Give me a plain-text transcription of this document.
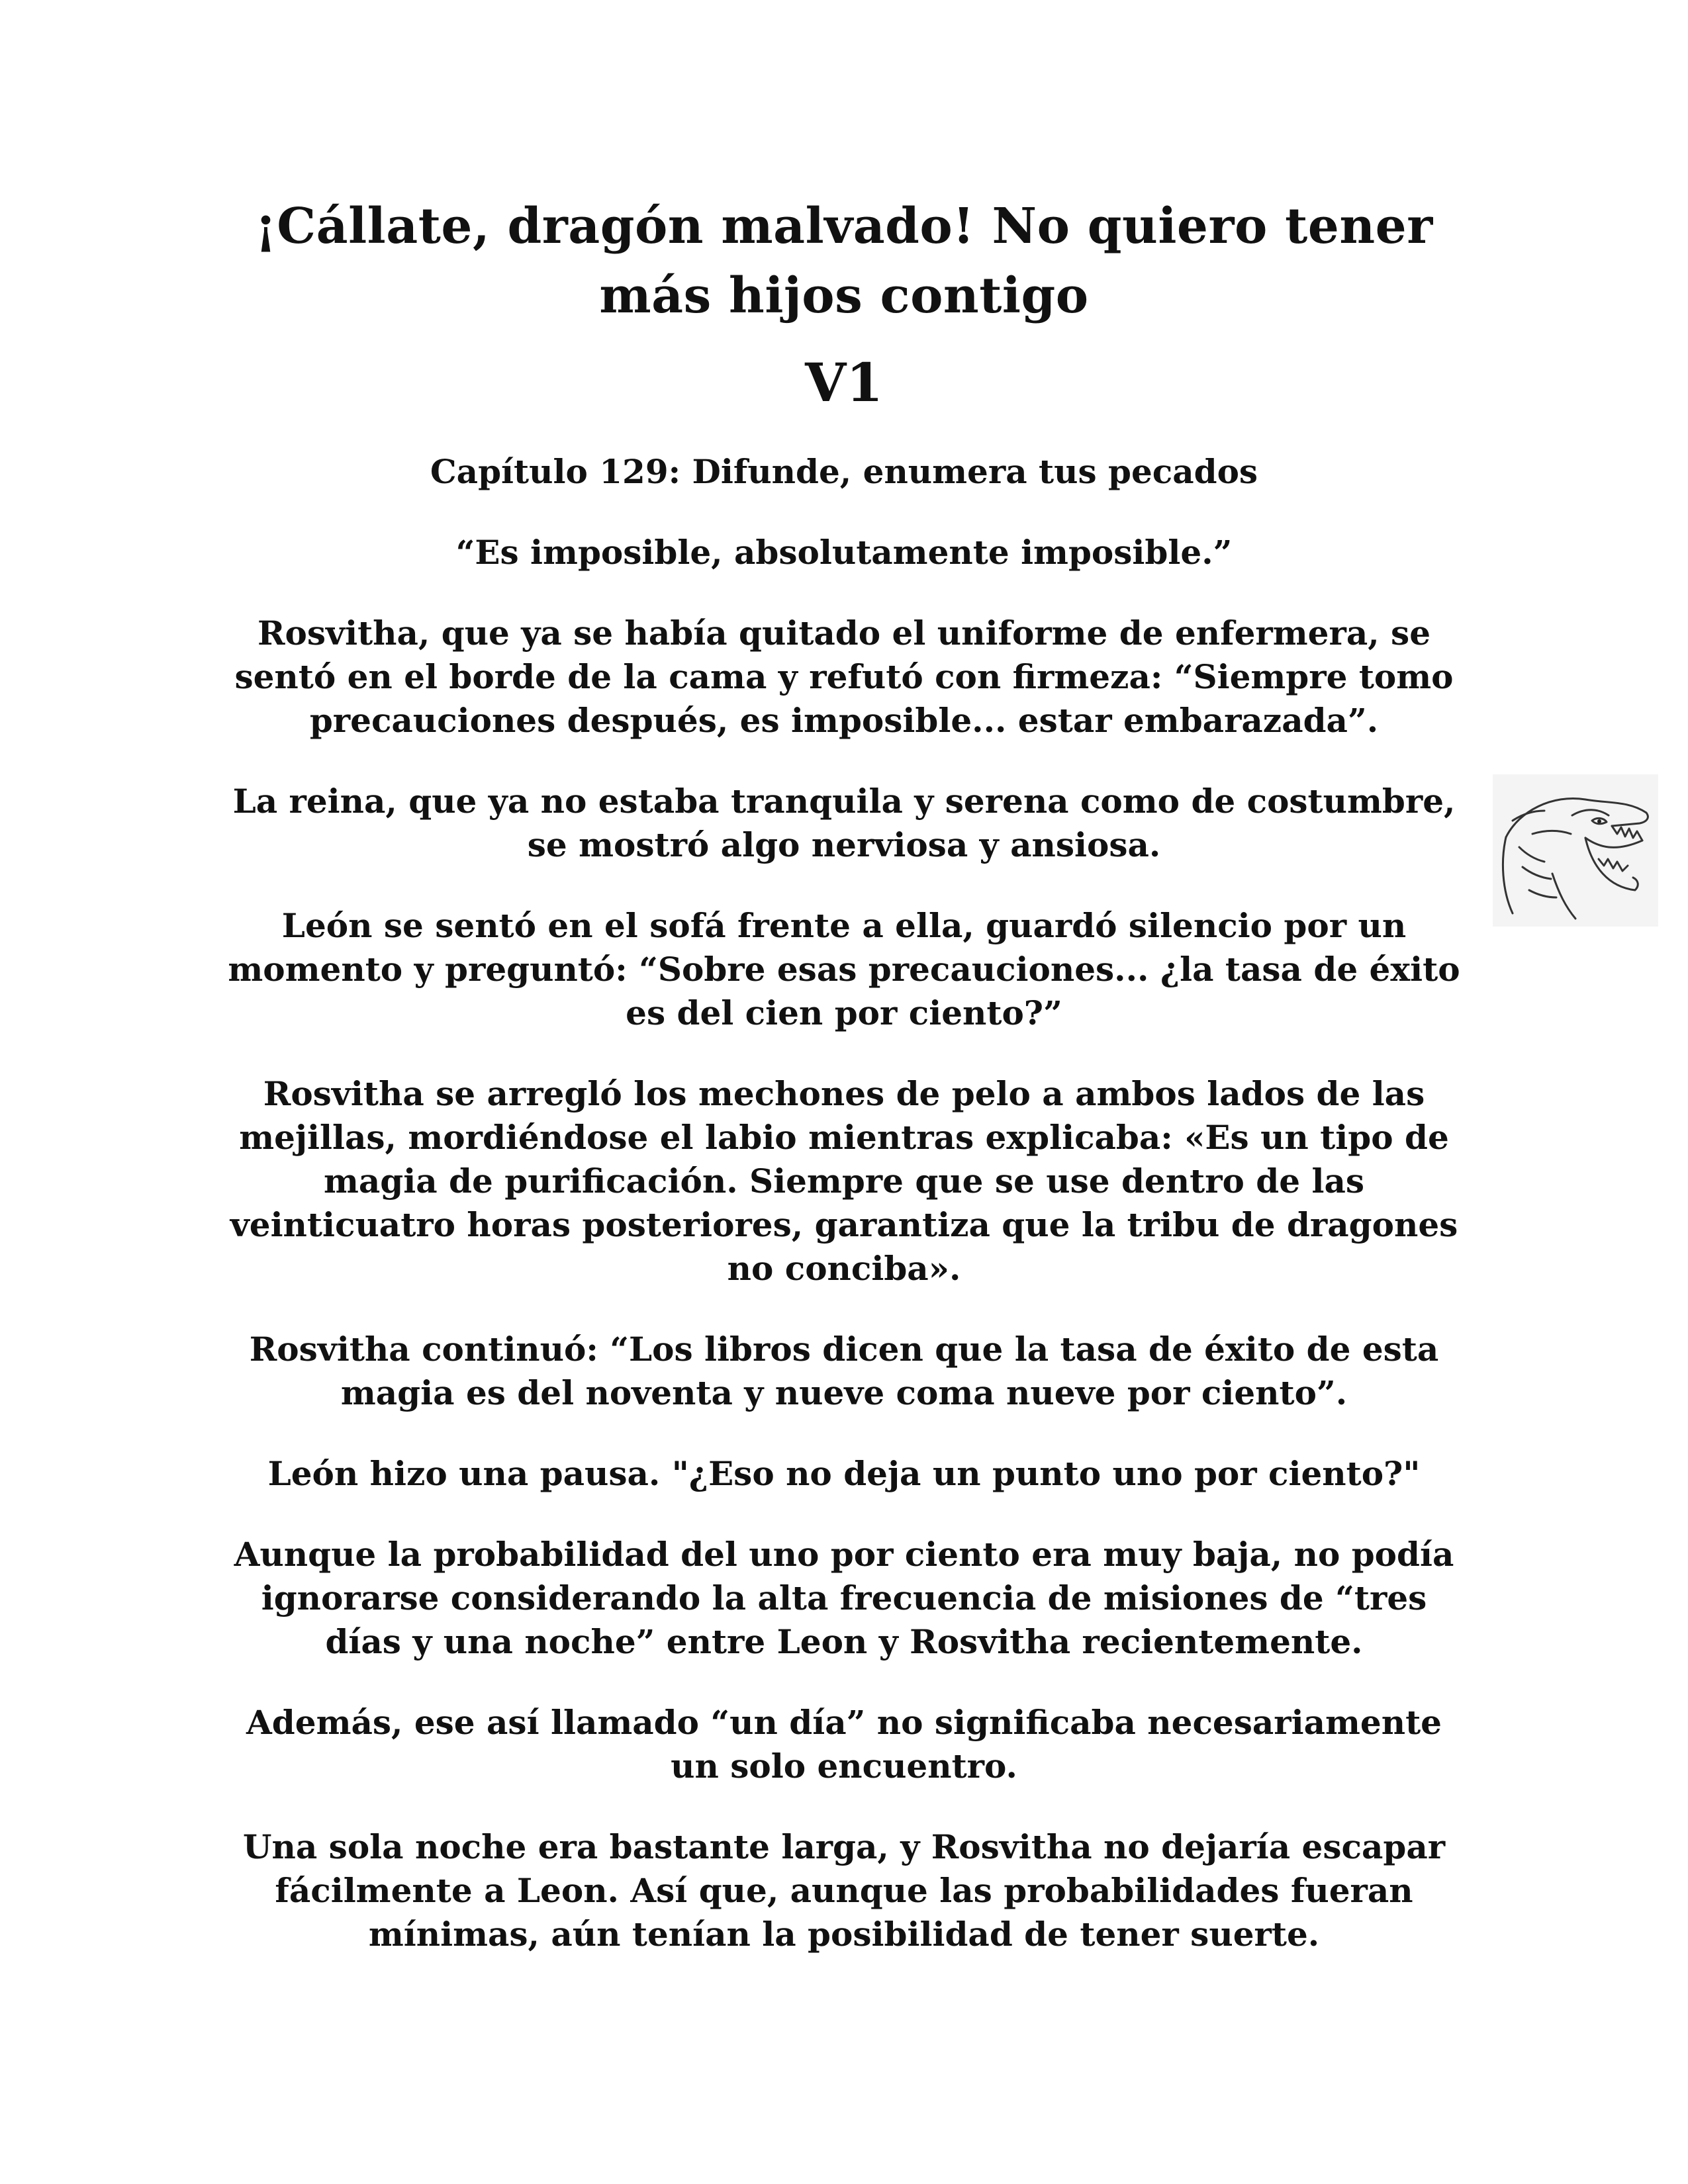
¡Cállate, dragón malvado! No quiero tener
más hijos contigo
V1

Capítulo 129: Difunde, enumera tus pecados

“Es imposible, absolutamente imposible.”

Rosvitha, que ya se había quitado el uniforme de enfermera, se sentó en el borde de la cama y refutó con firmeza: “Siempre tomo precauciones después, es imposible... estar embarazada”.

La reina, que ya no estaba tranquila y serena como de costumbre, se mostró algo nerviosa y ansiosa.

León se sentó en el sofá frente a ella, guardó silencio por un momento y preguntó: “Sobre esas precauciones... ¿la tasa de éxito es del cien por ciento?”

Rosvitha se arregló los mechones de pelo a ambos lados de las mejillas, mordiéndose el labio mientras explicaba: «Es un tipo de magia de purificación. Siempre que se use dentro de las veinticuatro horas posteriores, garantiza que la tribu de dragones no conciba».

Rosvitha continuó: “Los libros dicen que la tasa de éxito de esta magia es del noventa y nueve coma nueve por ciento”.

León hizo una pausa. "¿Eso no deja un punto uno por ciento?"

Aunque la probabilidad del uno por ciento era muy baja, no podía ignorarse considerando la alta frecuencia de misiones de “tres días y una noche” entre Leon y Rosvitha recientemente.

Además, ese así llamado “un día” no significaba necesariamente un solo encuentro.

Una sola noche era bastante larga, y Rosvitha no dejaría escapar fácilmente a Leon. Así que, aunque las probabilidades fueran mínimas, aún tenían la posibilidad de tener suerte.
